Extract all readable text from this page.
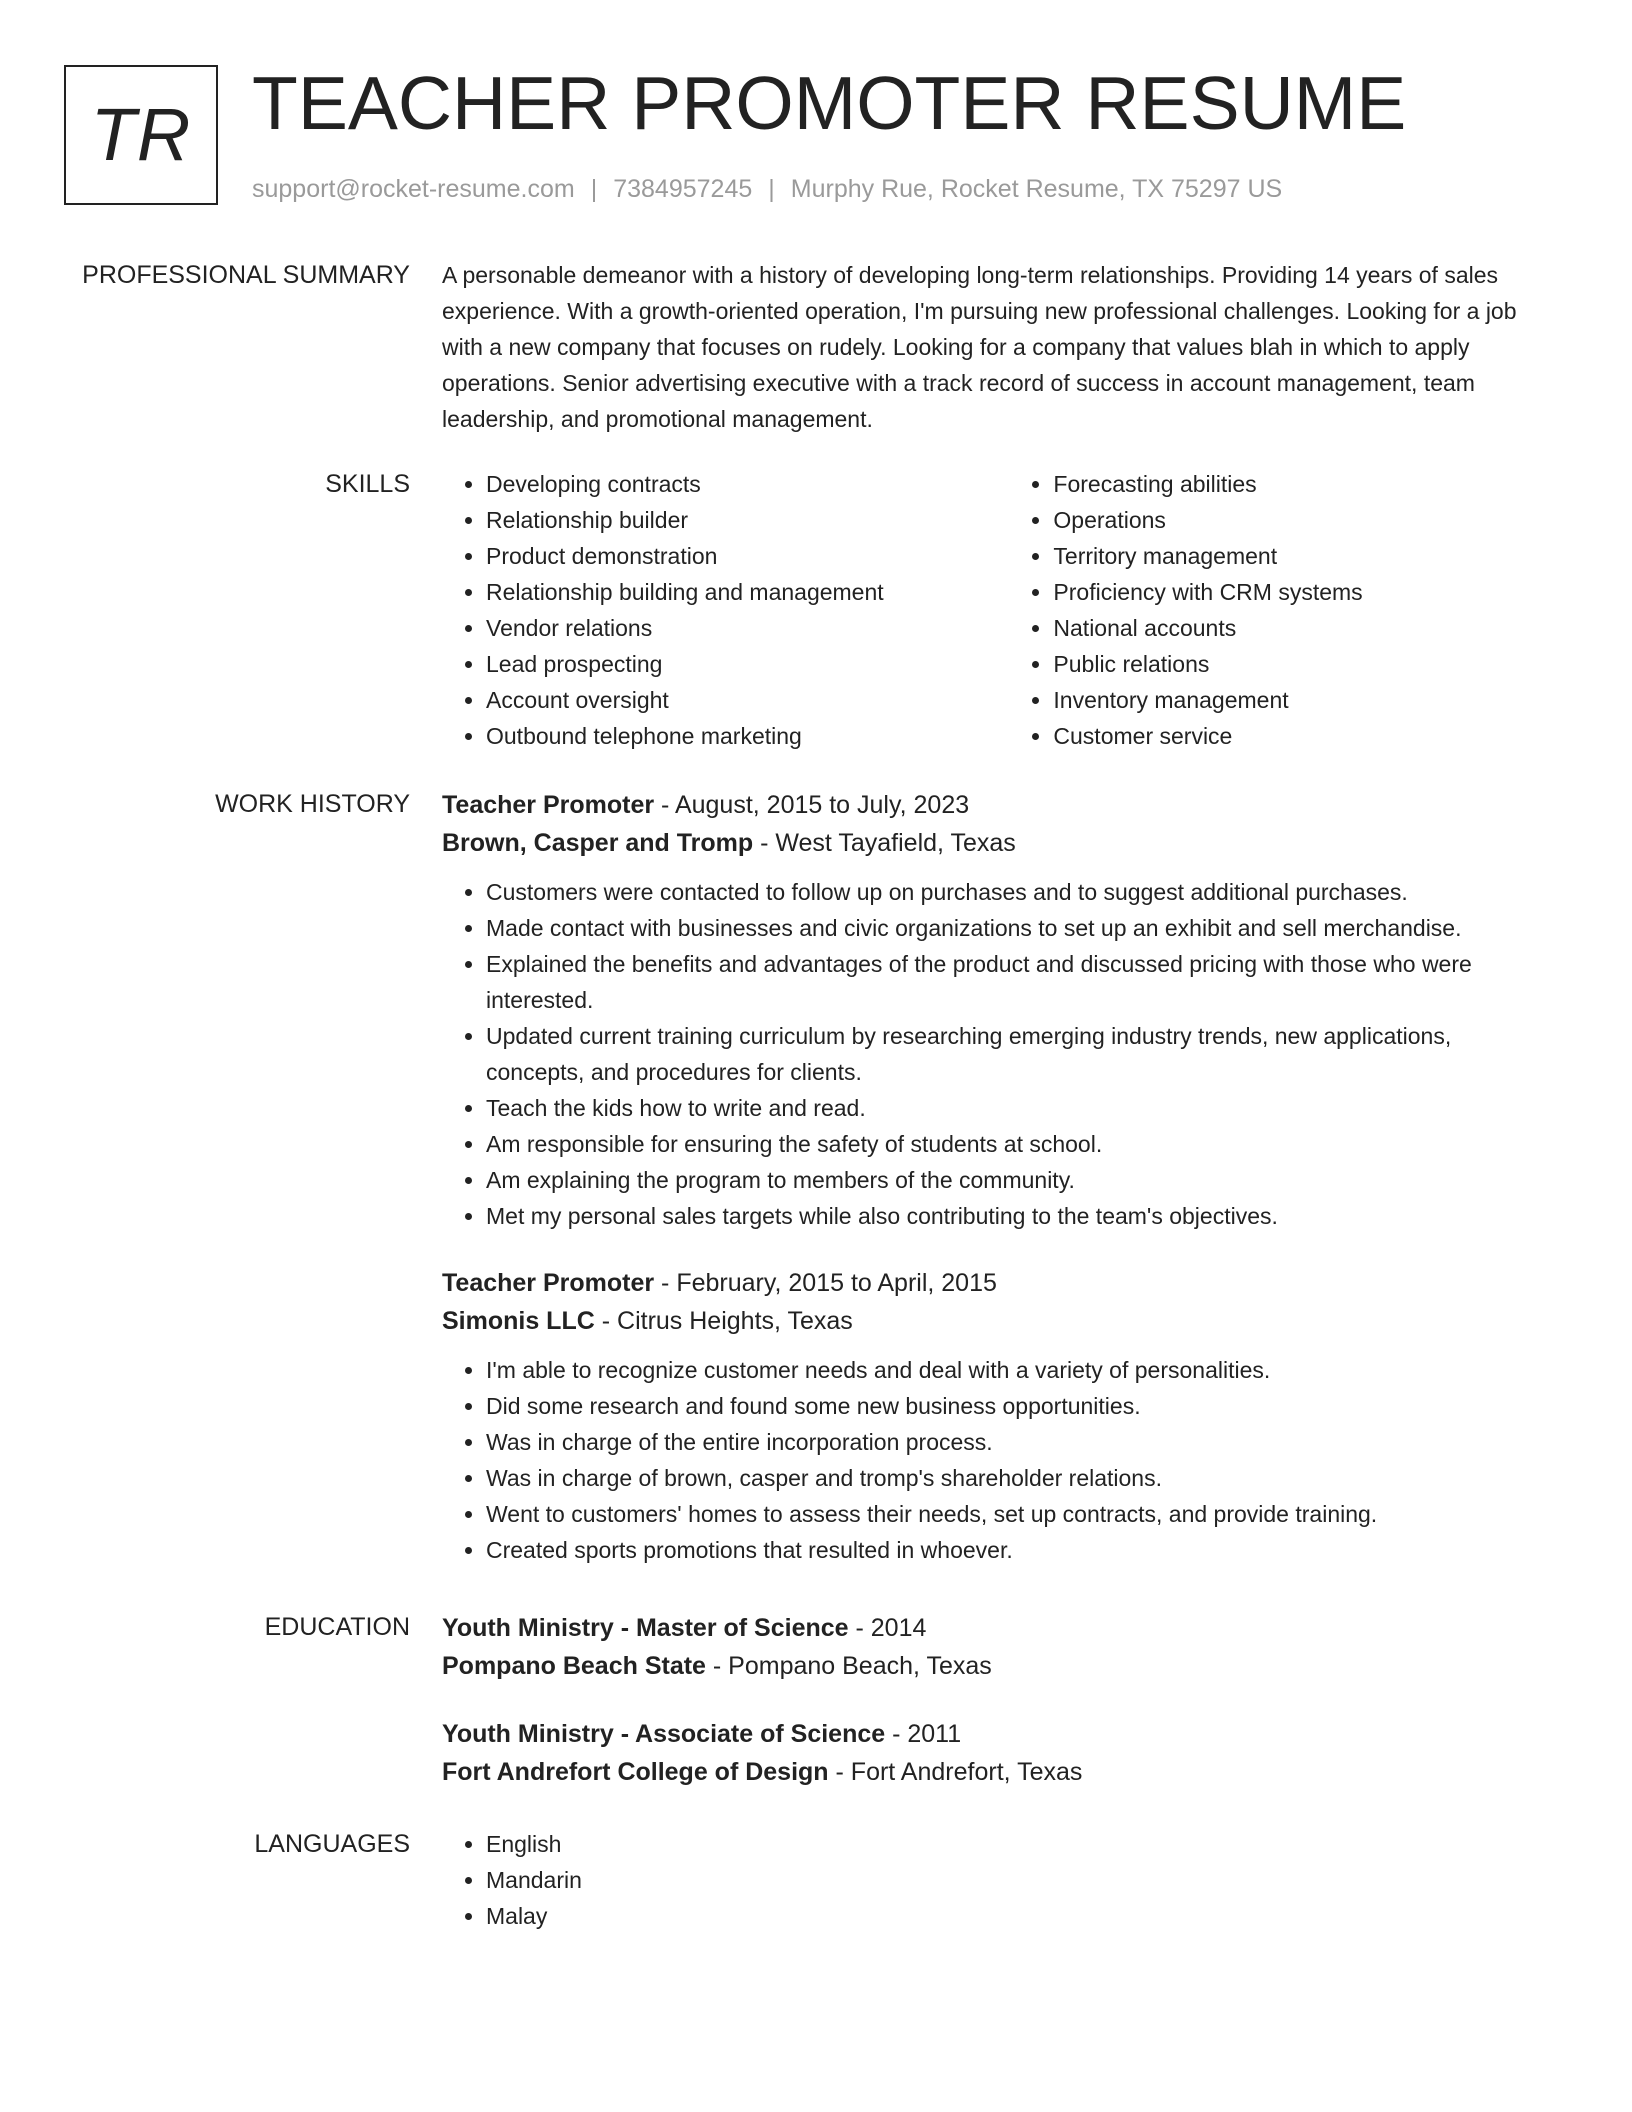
TR TEACHER PROMOTER RESUME
support@rocket-resume.com | 7384957245 | Murphy Rue, Rocket Resume, TX 75297 US
PROFESSIONAL SUMMARY A personable demeanor with a history of developing long-term relationships. Providing 14 years of sales experience. With a growth-oriented operation, I'm pursuing new professional challenges. Looking for a job with a new company that focuses on rudely. Looking for a company that values blah in which to apply operations. Senior advertising executive with a track record of success in account management, team leadership, and promotional management.

SKILLS	• Developing contracts
• Relationship builder
• Product demonstration
• Relationship building and management
• Vendor relations
• Lead prospecting
• Account oversight
• Outbound telephone marketing
• Forecasting abilities
• Operations
• Territory management
• Proficiency with CRM systems
• National accounts
• Public relations
• Inventory management
• Customer service
WORK HISTORY Teacher Promoter - August, 2015 to July, 2023
Brown, Casper and Tromp - West Tayafield, Texas
• Customers were contacted to follow up on purchases and to suggest additional purchases.
• Made contact with businesses and civic organizations to set up an exhibit and sell merchandise.
• Explained the benefits and advantages of the product and discussed pricing with those who were interested.
• Updated current training curriculum by researching emerging industry trends, new applications, concepts, and procedures for clients.
• Teach the kids how to write and read.
• Am responsible for ensuring the safety of students at school.
• Am explaining the program to members of the community.
• Met my personal sales targets while also contributing to the team's objectives.
Teacher Promoter - February, 2015 to April, 2015
Simonis LLC - Citrus Heights, Texas
• I'm able to recognize customer needs and deal with a variety of personalities.
• Did some research and found some new business opportunities.
• Was in charge of the entire incorporation process.
• Was in charge of brown, casper and tromp's shareholder relations.
• Went to customers' homes to assess their needs, set up contracts, and provide training.
• Created sports promotions that resulted in whoever.
EDUCATION Youth Ministry - Master of Science - 2014
Pompano Beach State - Pompano Beach, Texas
Youth Ministry - Associate of Science - 2011
Fort Andrefort College of Design - Fort Andrefort, Texas
LANGUAGES	• English
• Mandarin
• Malay
